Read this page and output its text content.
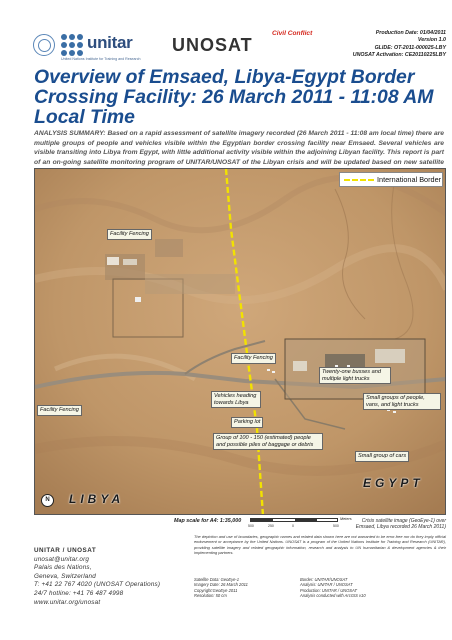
unitar
United Nations Institute for Training and Research
UNOSAT
Civil Conflict	Production Date: 01/04/2011
Version 1.0
GLIDE: OT-2011-000025-LBY
UNOSAT Activation: CE20110225LBY
Overview of Emsaed, Libya-Egypt Border Crossing Facility: 26 March 2011 - 11:08 AM Local Time
ANALYSIS SUMMARY: Based on a rapid assessment of satellite imagery recorded (26 March 2011 - 11:08 am local time) there are multiple groups of people and vehicles visible within the Egyptian border crossing facility near Emsaed. Several vehicles are visible transiting into Libya from Egypt, with little additional activity visible within the adjoining Libyan facility. This report is part of an on-going satellite monitoring program of UNITAR/UNOSAT of the Libyan crisis and will be updated based on new satellite
International Border
Facility Fencing
Facility Fencing
Facility Fencing
Twenty-one busses and multiple light trucks
Vehicles heading towards Libya
Small groups of people, vans, and light trucks
Parking lot
Group of 100 - 150 (estimated) people and possible piles of baggage or debris
Small group of cars
LIBYA
EGYPT
N
Map scale for A4: 1:35,000
500	250	0	500
Meters	Crisis satellite image (GeoEye-1) over Emsaed, Libya recorded 26 March 2011)
UNITAR / UNOSAT
unosat@unitar.org
Palais des Nations,
Geneva, Switzerland
T: +41 22 767 4020 (UNOSAT Operations)
24/7 hotline: +41 76 487 4998
www.unitar.org/unosat
The depiction and use of boundaries, geographic names and related data shown here are not warranted to be error-free nor do they imply official endorsement or acceptance by the United Nations. UNOSAT is a program of the United Nations Institute for Training and Research (UNITAR), providing satellite imagery and related geographic information, research and analysis to UN humanitarian & development agencies & their implementing partners.
Satellite Data: GeoEye-1
Imagery Date: 26 March 2011
Copyright:GeoEye 2011
Resolution: 50 cm
Border: UNITAR/UNOSAT
Analysis: UNITAR / UNOSAT
Production: UNITAR / UNOSAT
Analysis conducted with ArcGIS v10
